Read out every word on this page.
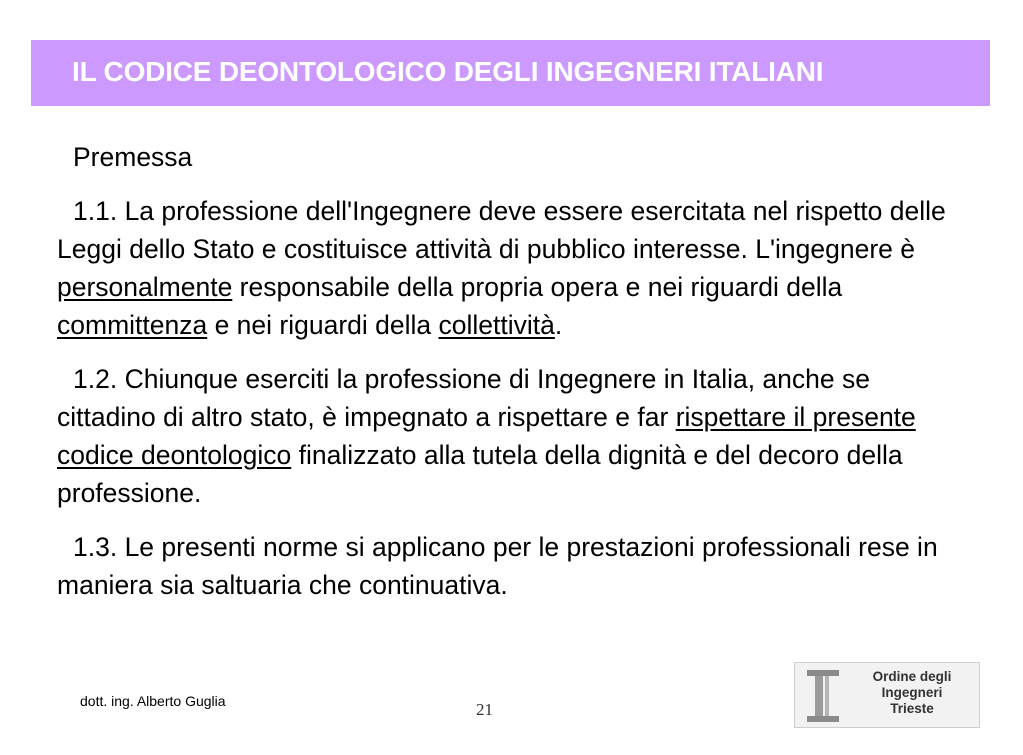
IL CODICE DEONTOLOGICO DEGLI INGEGNERI ITALIANI

Premessa

1.1. La professione dell'Ingegnere deve essere esercitata nel rispetto delle Leggi dello Stato e costituisce attività di pubblico interesse. L'ingegnere è personalmente responsabile della propria opera e nei riguardi della committenza e nei riguardi della collettività.

1.2. Chiunque eserciti la professione di Ingegnere in Italia, anche se cittadino di altro stato, è impegnato a rispettare e far rispettare il presente codice deontologico finalizzato alla tutela della dignità e del decoro della professione.

1.3. Le presenti norme si applicano per le prestazioni professionali rese in maniera sia saltuaria che continuativa.

dott. ing. Alberto Guglia	21
Ordine degli
Ingegneri
Trieste
